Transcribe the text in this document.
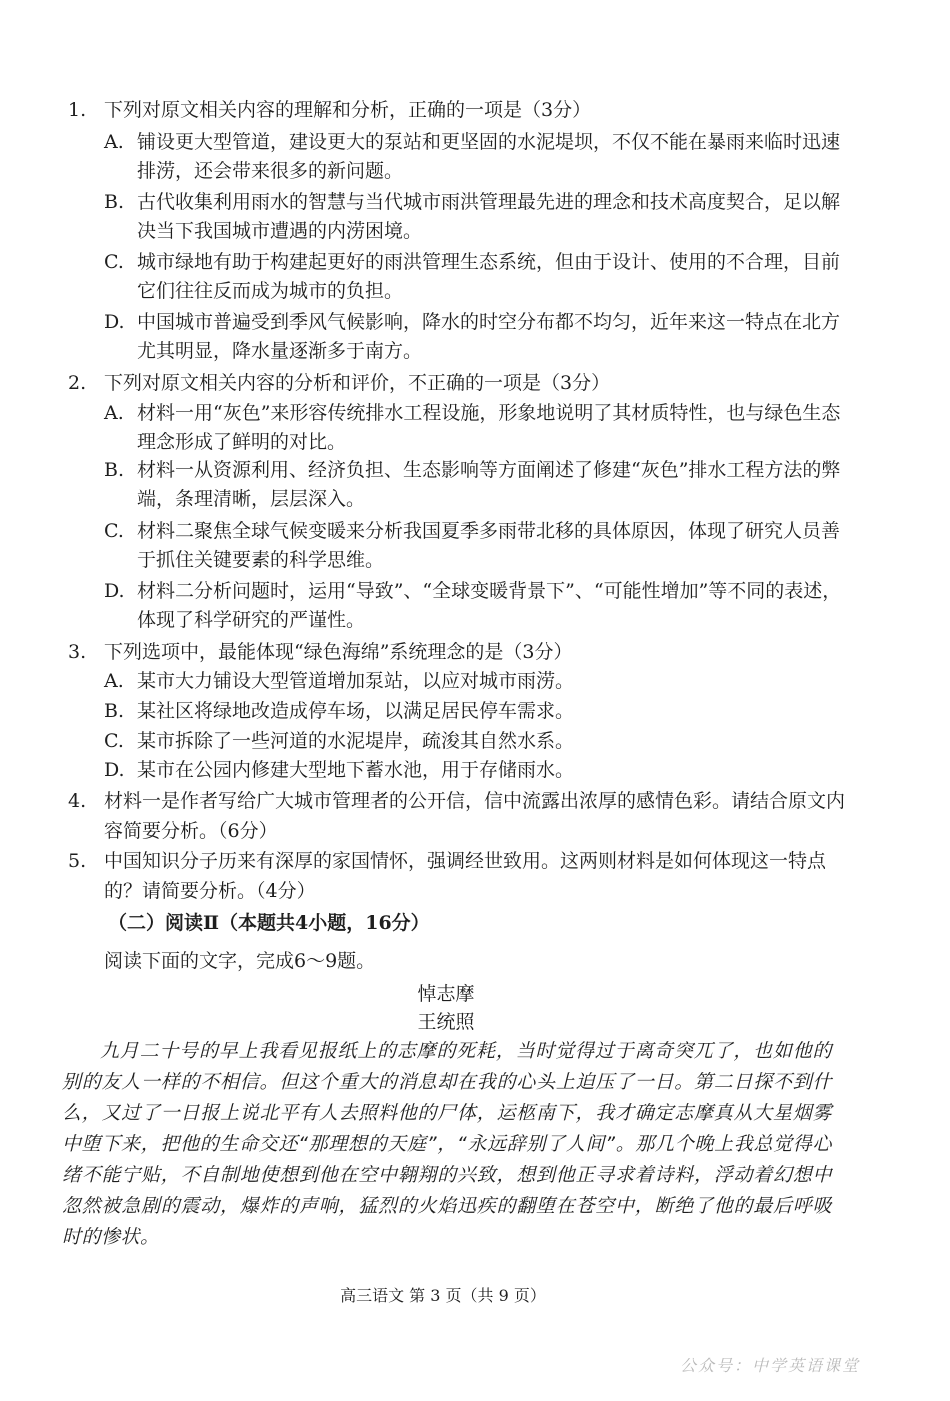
1. 下列对原文相关内容的理解和分析，正确的一项是（3分）
A. 铺设更大型管道，建设更大的泵站和更坚固的水泥堤坝，不仅不能在暴雨来临时迅速排涝，还会带来很多的新问题。
B. 古代收集利用雨水的智慧与当代城市雨洪管理最先进的理念和技术高度契合，足以解决当下我国城市遭遇的内涝困境。
C. 城市绿地有助于构建起更好的雨洪管理生态系统，但由于设计、使用的不合理，目前它们往往反而成为城市的负担。
D. 中国城市普遍受到季风气候影响，降水的时空分布都不均匀，近年来这一特点在北方尤其明显，降水量逐渐多于南方。
2. 下列对原文相关内容的分析和评价，不正确的一项是（3分）
A. 材料一用“灰色”来形容传统排水工程设施，形象地说明了其材质特性，也与绿色生态理念形成了鲜明的对比。
B. 材料一从资源利用、经济负担、生态影响等方面阐述了修建“灰色”排水工程方法的弊端，条理清晰，层层深入。
C. 材料二聚焦全球气候变暖来分析我国夏季多雨带北移的具体原因，体现了研究人员善于抓住关键要素的科学思维。
D. 材料二分析问题时，运用“导致”、“全球变暖背景下”、“可能性增加”等不同的表述，体现了科学研究的严谨性。
3. 下列选项中，最能体现“绿色海绵”系统理念的是（3分）
A. 某市大力铺设大型管道增加泵站，以应对城市雨涝。
B. 某社区将绿地改造成停车场，以满足居民停车需求。
C. 某市拆除了一些河道的水泥堤岸，疏浚其自然水系。
D. 某市在公园内修建大型地下蓄水池，用于存储雨水。
4. 材料一是作者写给广大城市管理者的公开信，信中流露出浓厚的感情色彩。请结合原文内容简要分析。（6分）
5. 中国知识分子历来有深厚的家国情怀，强调经世致用。这两则材料是如何体现这一特点的？请简要分析。（4分）
（二）阅读Ⅱ（本题共4小题，16分）
阅读下面的文字，完成6～9题。
悼志摩
王统照
九月二十号的早上我看见报纸上的志摩的死耗，当时觉得过于离奇突兀了，也如他的别的友人一样的不相信。但这个重大的消息却在我的心头上迫压了一日。第二日探不到什么，又过了一日报上说北平有人去照料他的尸体，运柩南下，我才确定志摩真从大星烟雾中堕下来，把他的生命交还“那理想的天庭”，“永远辞别了人间”。那几个晚上我总觉得心绪不能宁贴，不自制地使想到他在空中翱翔的兴致，想到他正寻求着诗料，浮动着幻想中忽然被急剧的震动，爆炸的声响，猛烈的火焰迅疾的翻堕在苍空中，断绝了他的最后呼吸时的惨状。
高三语文 第 3 页（共 9 页）
公众号：中学英语课堂
